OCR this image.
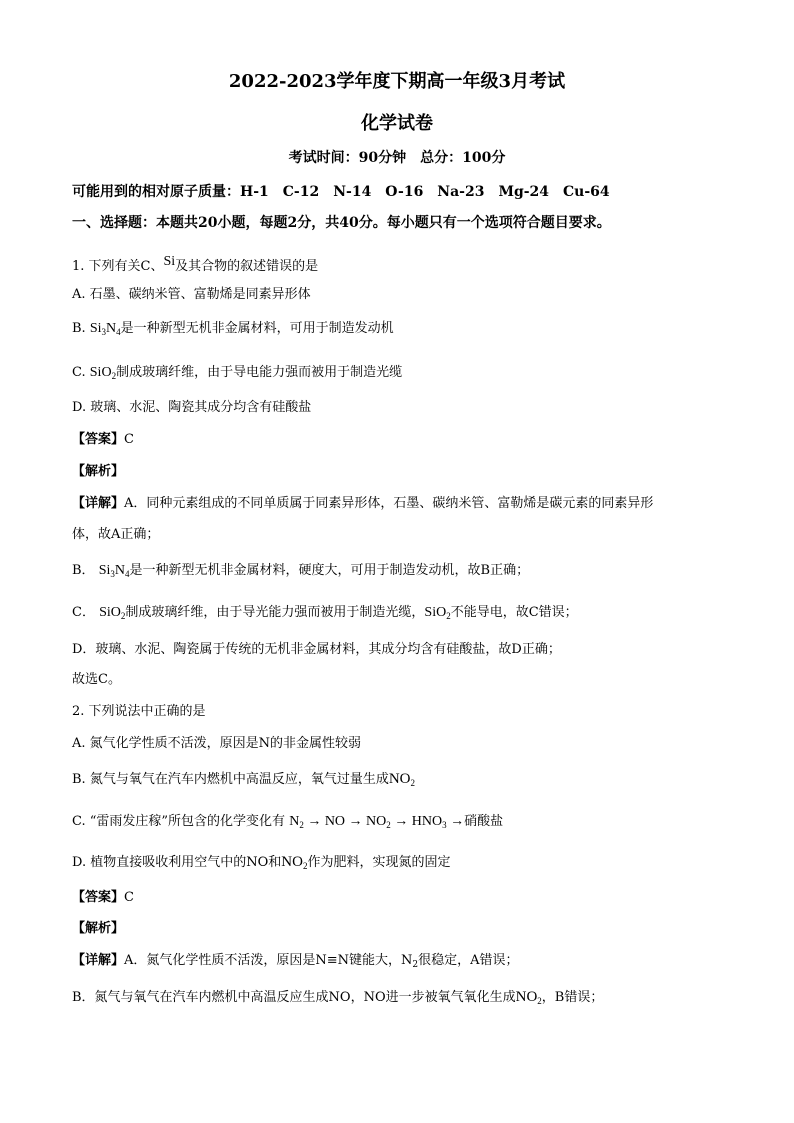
2022-2023学年度下期高一年级3月考试
化学试卷
考试时间：90分钟　总分：100分
可能用到的相对原子质量：H-1　C-12　N-14　O-16　Na-23　Mg-24　Cu-64
一、选择题：本题共20小题，每题2分，共40分。每小题只有一个选项符合题目要求。
1. 下列有关C、Si及其合物的叙述错误的是
A. 石墨、碳纳米管、富勒烯是同素异形体
B. $Si_3N_4$是一种新型无机非金属材料，可用于制造发动机
C. SiO$_2$制成玻璃纤维，由于导电能力强而被用于制造光缆
D. 玻璃、水泥、陶瓷其成分均含有硅酸盐
【答案】C
【解析】
【详解】A．同种元素组成的不同单质属于同素异形体，石墨、碳纳米管、富勒烯是碳元素的同素异形
体，故A正确；
B． $Si_3N_4$是一种新型无机非金属材料，硬度大，可用于制造发动机，故B正确；
C． SiO$_2$制成玻璃纤维，由于导光能力强而被用于制造光缆，SiO$_2$不能导电，故C错误；
D．玻璃、水泥、陶瓷属于传统的无机非金属材料，其成分均含有硅酸盐，故D正确；
故选C。
2. 下列说法中正确的是
A. 氮气化学性质不活泼，原因是N的非金属性较弱
B. 氮气与氧气在汽车内燃机中高温反应，氧气过量生成$NO_2$
C. “雷雨发庄稼”所包含的化学变化有 $N_2$ → NO → $NO_2 \to HNO_3$ →硝酸盐
D. 植物直接吸收利用空气中的NO和$NO_2$作为肥料，实现氮的固定
【答案】C
【解析】
【详解】A．氮气化学性质不活泼，原因是N≡N键能大，$N_2$很稳定，A错误；
B．氮气与氧气在汽车内燃机中高温反应生成NO，NO进一步被氧气氧化生成$NO_2$，B错误；
